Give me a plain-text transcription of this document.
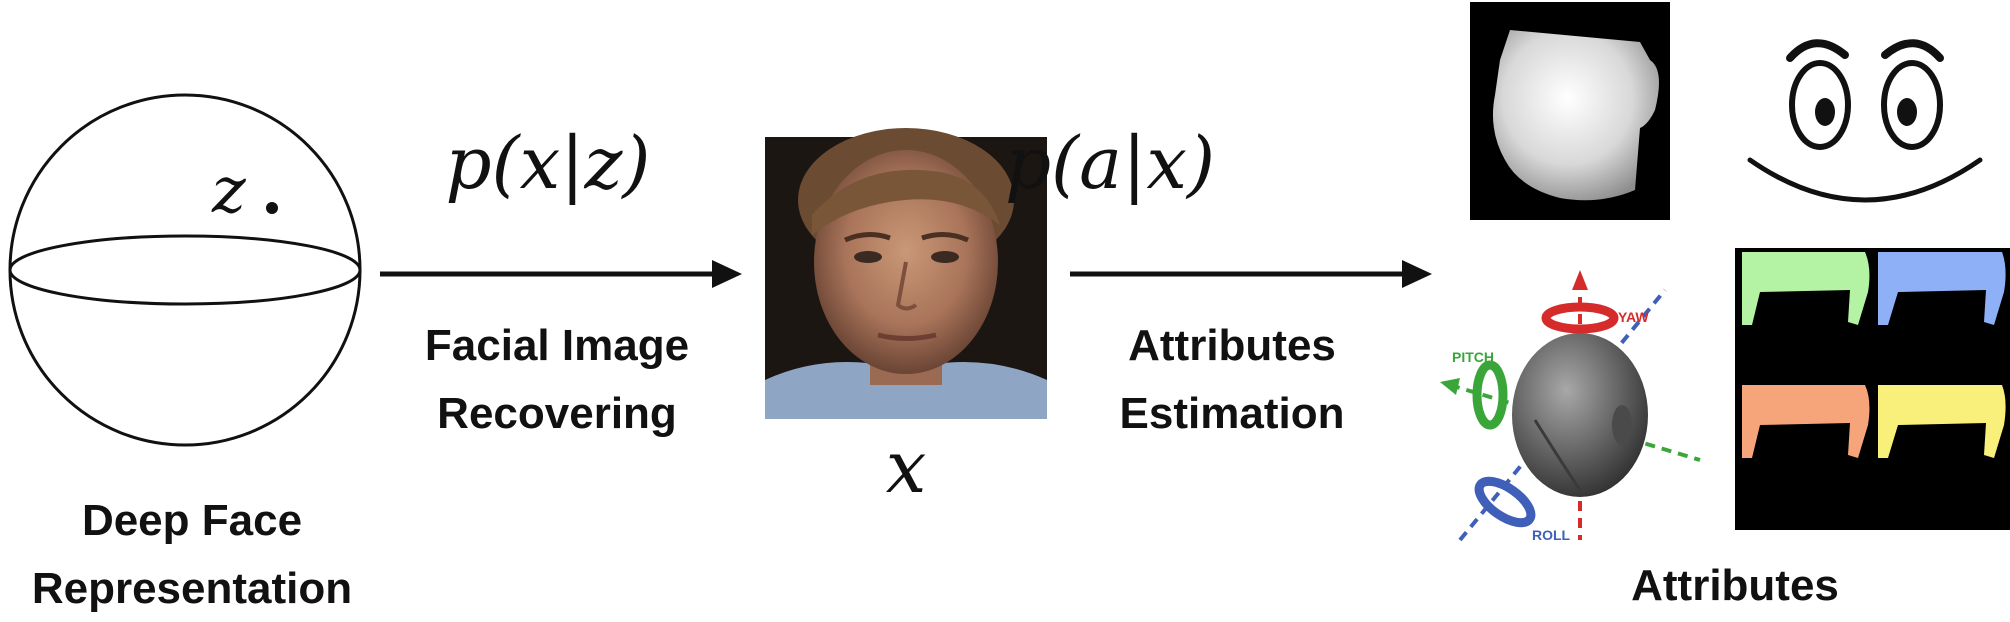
z
Deep Face
Representation
p(x|z)
Facial Image
Recovering
x
p(a|x)
Attributes
Estimation
YAW
PITCH
ROLL
Attributes
